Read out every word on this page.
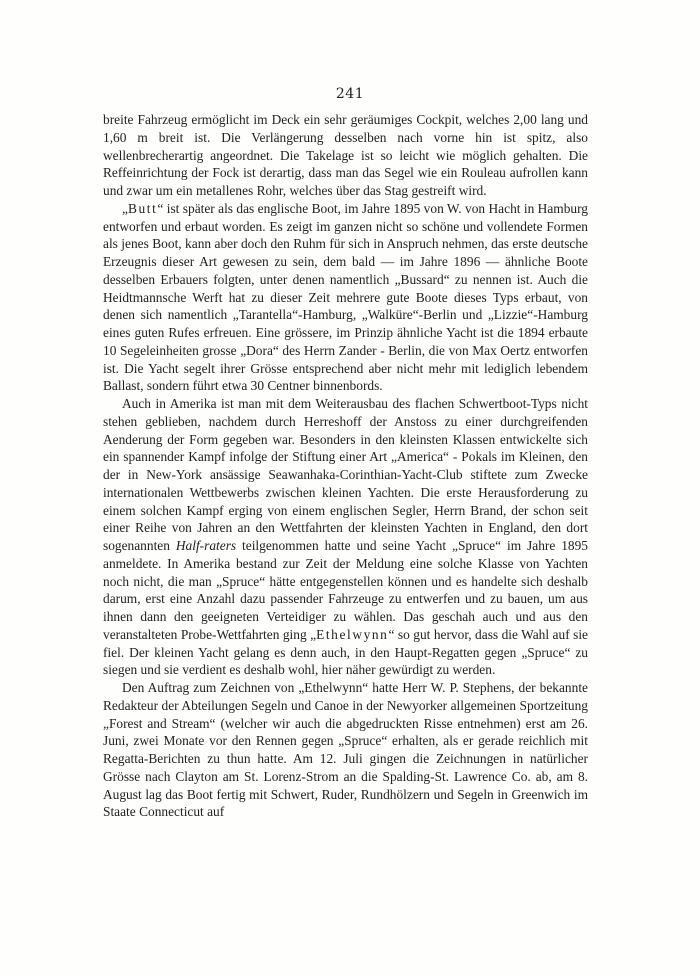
241

breite Fahrzeug ermöglicht im Deck ein sehr geräumiges Cockpit, welches 2,00 lang und 1,60 m breit ist. Die Verlängerung desselben nach vorne hin ist spitz, also wellenbrecherartig angeordnet. Die Takelage ist so leicht wie möglich gehalten. Die Reffeinrichtung der Fock ist derartig, dass man das Segel wie ein Rouleau aufrollen kann und zwar um ein metallenes Rohr, welches über das Stag gestreift wird.

„Butt“ ist später als das englische Boot, im Jahre 1895 von W. von Hacht in Hamburg entworfen und erbaut worden. Es zeigt im ganzen nicht so schöne und vollendete Formen als jenes Boot, kann aber doch den Ruhm für sich in Anspruch nehmen, das erste deutsche Erzeugnis dieser Art gewesen zu sein, dem bald — im Jahre 1896 — ähnliche Boote desselben Erbauers folgten, unter denen namentlich „Bussard“ zu nennen ist. Auch die Heidtmannsche Werft hat zu dieser Zeit mehrere gute Boote dieses Typs erbaut, von denen sich namentlich „Tarantella“-Hamburg, „Walküre“-Berlin und „Lizzie“-Hamburg eines guten Rufes erfreuen. Eine grössere, im Prinzip ähnliche Yacht ist die 1894 erbaute 10 Segeleinheiten grosse „Dora“ des Herrn Zander - Berlin, die von Max Oertz entworfen ist. Die Yacht segelt ihrer Grösse entsprechend aber nicht mehr mit lediglich lebendem Ballast, sondern führt etwa 30 Centner binnenbords.

Auch in Amerika ist man mit dem Weiterausbau des flachen Schwertboot-Typs nicht stehen geblieben, nachdem durch Herreshoff der Anstoss zu einer durchgreifenden Aenderung der Form gegeben war. Besonders in den kleinsten Klassen entwickelte sich ein spannender Kampf infolge der Stiftung einer Art „America“ - Pokals im Kleinen, den der in New-York ansässige Seawanhaka-Corinthian-Yacht-Club stiftete zum Zwecke internationalen Wettbewerbs zwischen kleinen Yachten. Die erste Herausforderung zu einem solchen Kampf erging von einem englischen Segler, Herrn Brand, der schon seit einer Reihe von Jahren an den Wettfahrten der kleinsten Yachten in England, den dort sogenannten Half-raters teilgenommen hatte und seine Yacht „Spruce“ im Jahre 1895 anmeldete. In Amerika bestand zur Zeit der Meldung eine solche Klasse von Yachten noch nicht, die man „Spruce“ hätte entgegenstellen können und es handelte sich deshalb darum, erst eine Anzahl dazu passender Fahrzeuge zu entwerfen und zu bauen, um aus ihnen dann den geeigneten Verteidiger zu wählen. Das geschah auch und aus den veranstalteten Probe-Wettfahrten ging „Ethelwynn“ so gut hervor, dass die Wahl auf sie fiel. Der kleinen Yacht gelang es denn auch, in den Haupt-Regatten gegen „Spruce“ zu siegen und sie verdient es deshalb wohl, hier näher gewürdigt zu werden.

Den Auftrag zum Zeichnen von „Ethelwynn“ hatte Herr W. P. Stephens, der bekannte Redakteur der Abteilungen Segeln und Canoe in der Newyorker allgemeinen Sportzeitung „Forest and Stream“ (welcher wir auch die abgedruckten Risse entnehmen) erst am 26. Juni, zwei Monate vor den Rennen gegen „Spruce“ erhalten, als er gerade reichlich mit Regatta-Berichten zu thun hatte. Am 12. Juli gingen die Zeichnungen in natürlicher Grösse nach Clayton am St. Lorenz-Strom an die Spalding-St. Lawrence Co. ab, am 8. August lag das Boot fertig mit Schwert, Ruder, Rundhölzern und Segeln in Greenwich im Staate Connecticut auf
